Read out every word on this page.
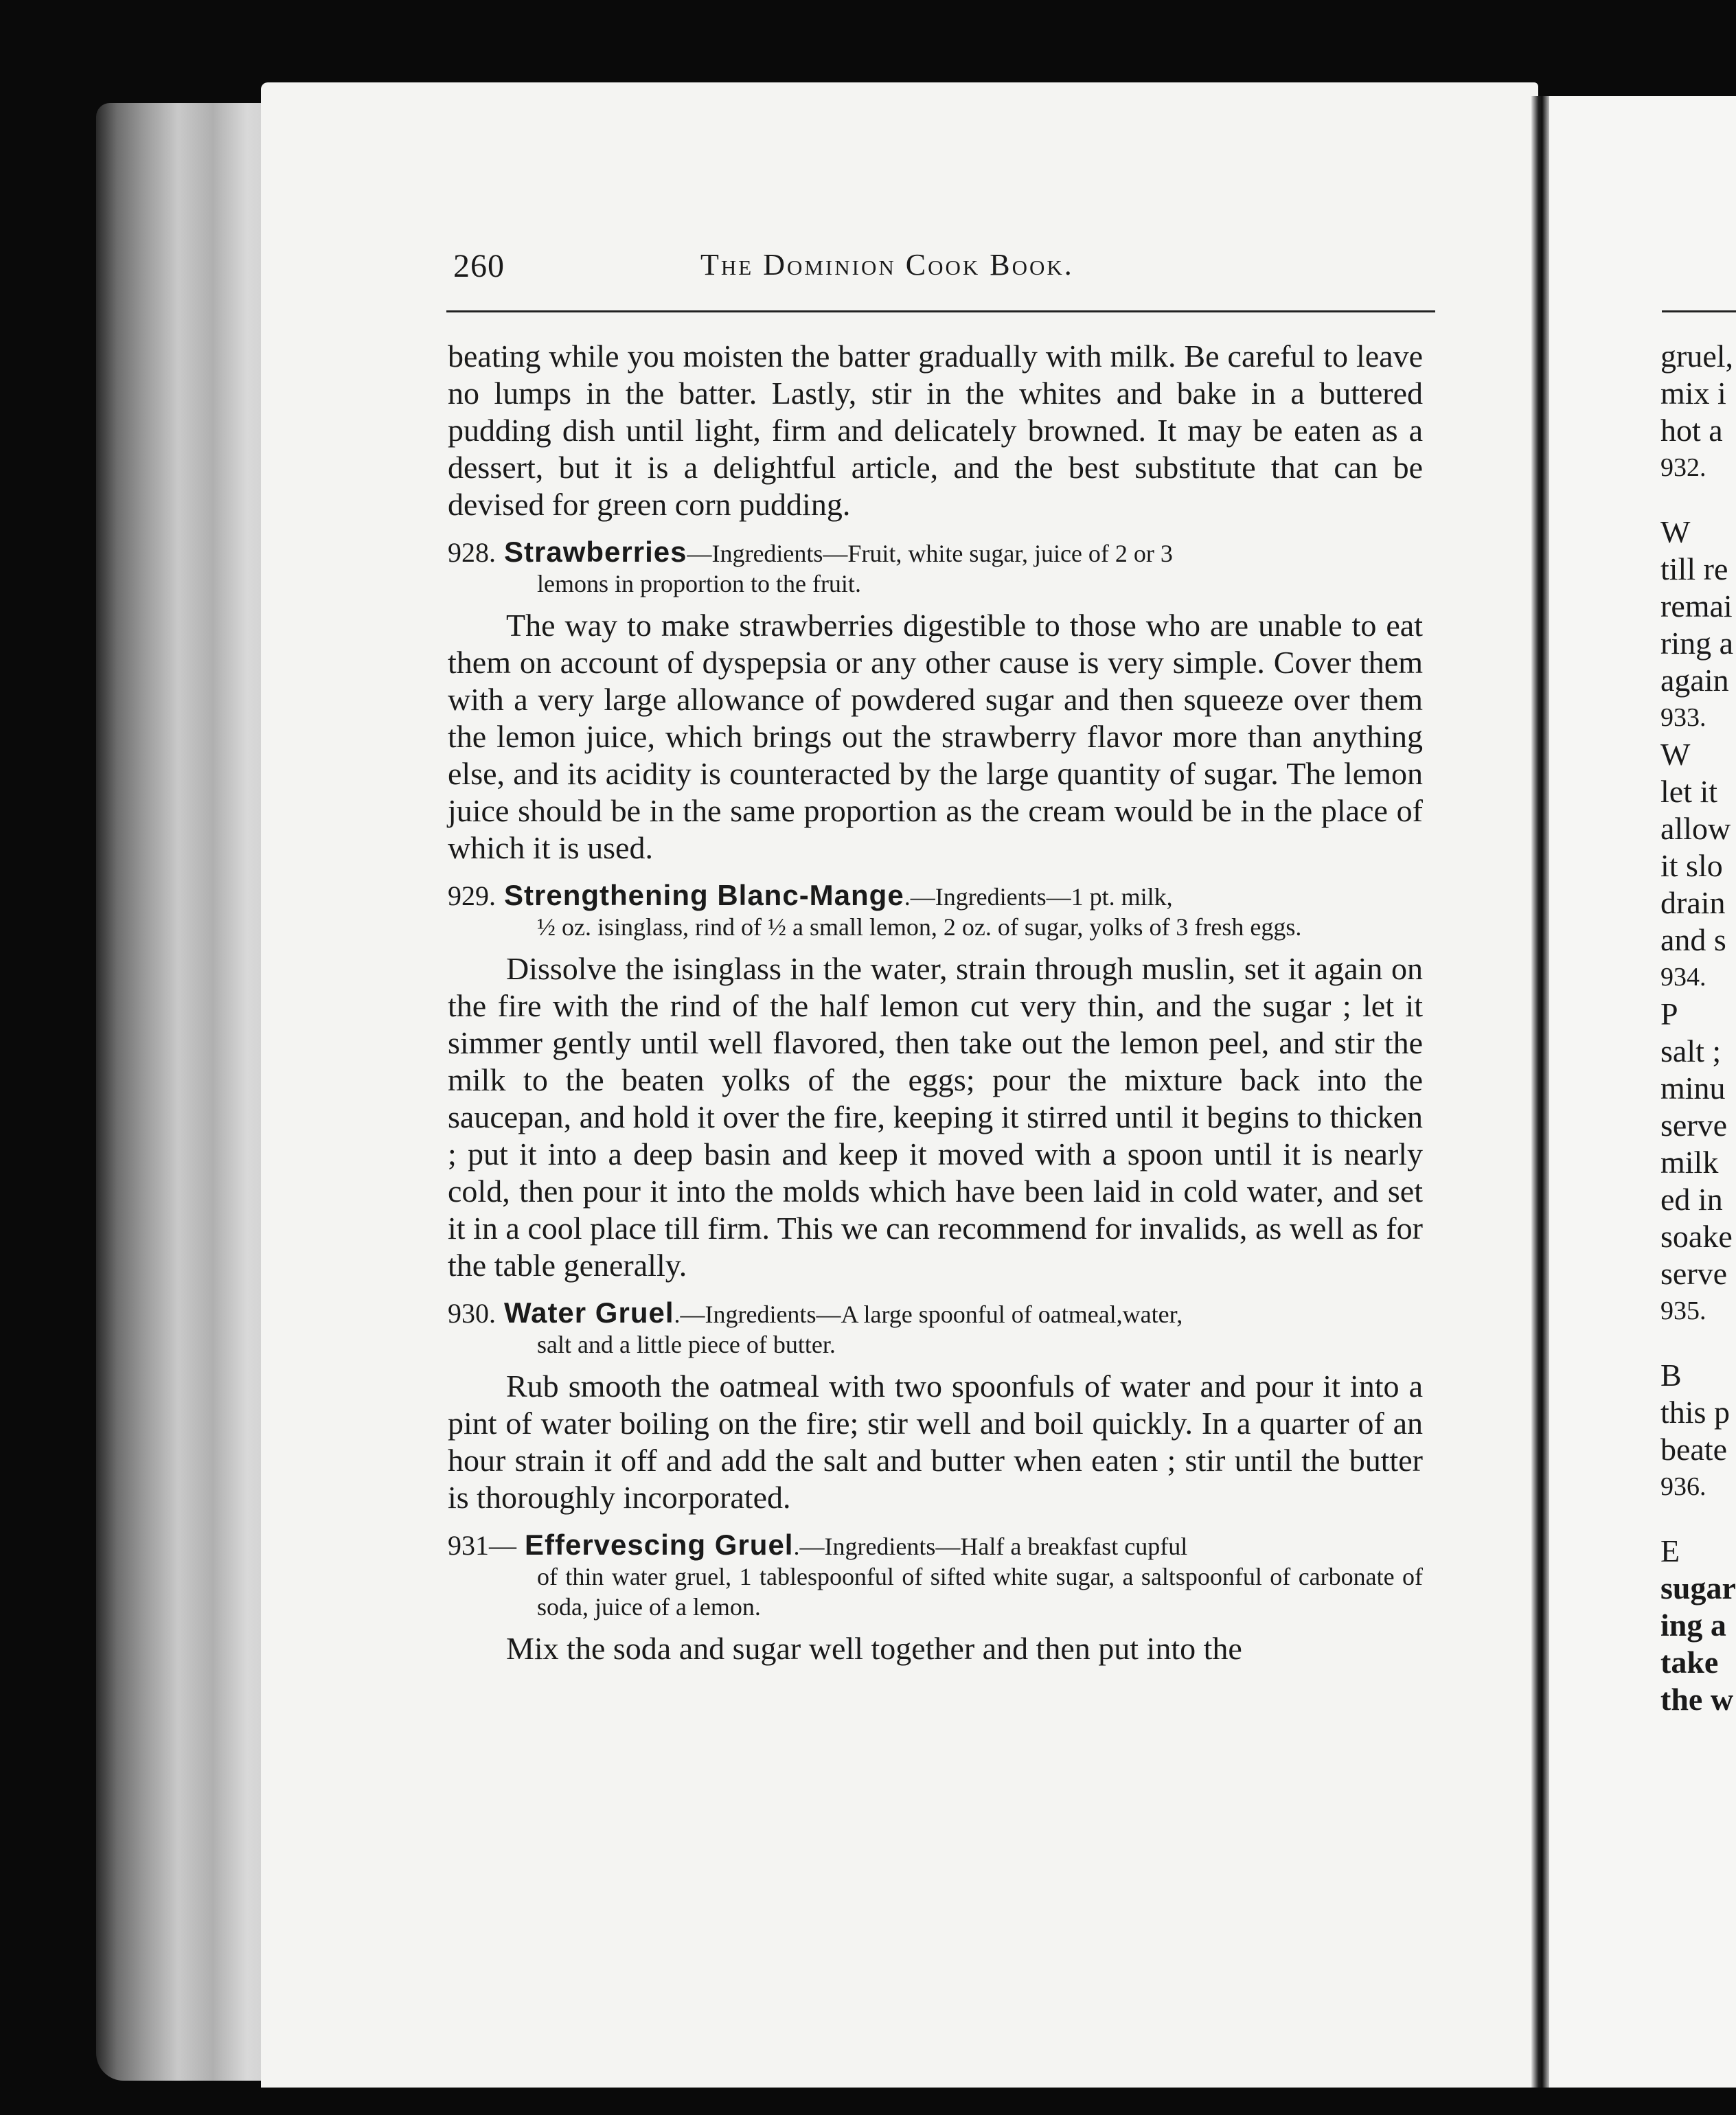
260	The Dominion Cook Book.

beating while you moisten the batter gradually with milk. Be careful to leave no lumps in the batter. Lastly, stir in the whites and bake in a buttered pudding dish until light, firm and delicately browned. It may be eaten as a dessert, but it is a delightful article, and the best substitute that can be devised for green corn pudding.

928. Strawberries—Ingredients—Fruit, white sugar, juice of 2 or 3
lemons in proportion to the fruit.

The way to make strawberries digestible to those who are unable to eat them on account of dyspepsia or any other cause is very simple. Cover them with a very large allowance of powdered sugar and then squeeze over them the lemon juice, which brings out the strawberry flavor more than anything else, and its acidity is counteracted by the large quantity of sugar. The lemon juice should be in the same proportion as the cream would be in the place of which it is used.

929. Strengthening Blanc-Mange.—Ingredients—1 pt. milk,
½ oz. isinglass, rind of ½ a small lemon, 2 oz. of sugar, yolks of 3 fresh eggs.

Dissolve the isinglass in the water, strain through muslin, set it again on the fire with the rind of the half lemon cut very thin, and the sugar ; let it simmer gently until well flavored, then take out the lemon peel, and stir the milk to the beaten yolks of the eggs; pour the mixture back into the saucepan, and hold it over the fire, keeping it stirred until it begins to thicken ; put it into a deep basin and keep it moved with a spoon until it is nearly cold, then pour it into the molds which have been laid in cold water, and set it in a cool place till firm. This we can recommend for invalids, as well as for the table generally.

930. Water Gruel.—Ingredients—A large spoonful of oatmeal,water,
salt and a little piece of butter.

Rub smooth the oatmeal with two spoonfuls of water and pour it into a pint of water boiling on the fire; stir well and boil quickly. In a quarter of an hour strain it off and add the salt and butter when eaten ; stir until the butter is thoroughly incorporated.

931— Effervescing Gruel.—Ingredients—Half a breakfast cupful
of thin water gruel, 1 tablespoonful of sifted white sugar, a saltspoonful of carbonate of soda, juice of a lemon.

Mix the soda and sugar well together and then put into the

gruel,
mix i
hot a
932.
W
till re
remai
ring a
again
933.
W
let it
allow
it slo
drain
and s
934.
P
salt ;
minu
serve
milk
ed in
soake
serve
935.
B
this p
beate
936.
E
sugar
ing a
take
the w
